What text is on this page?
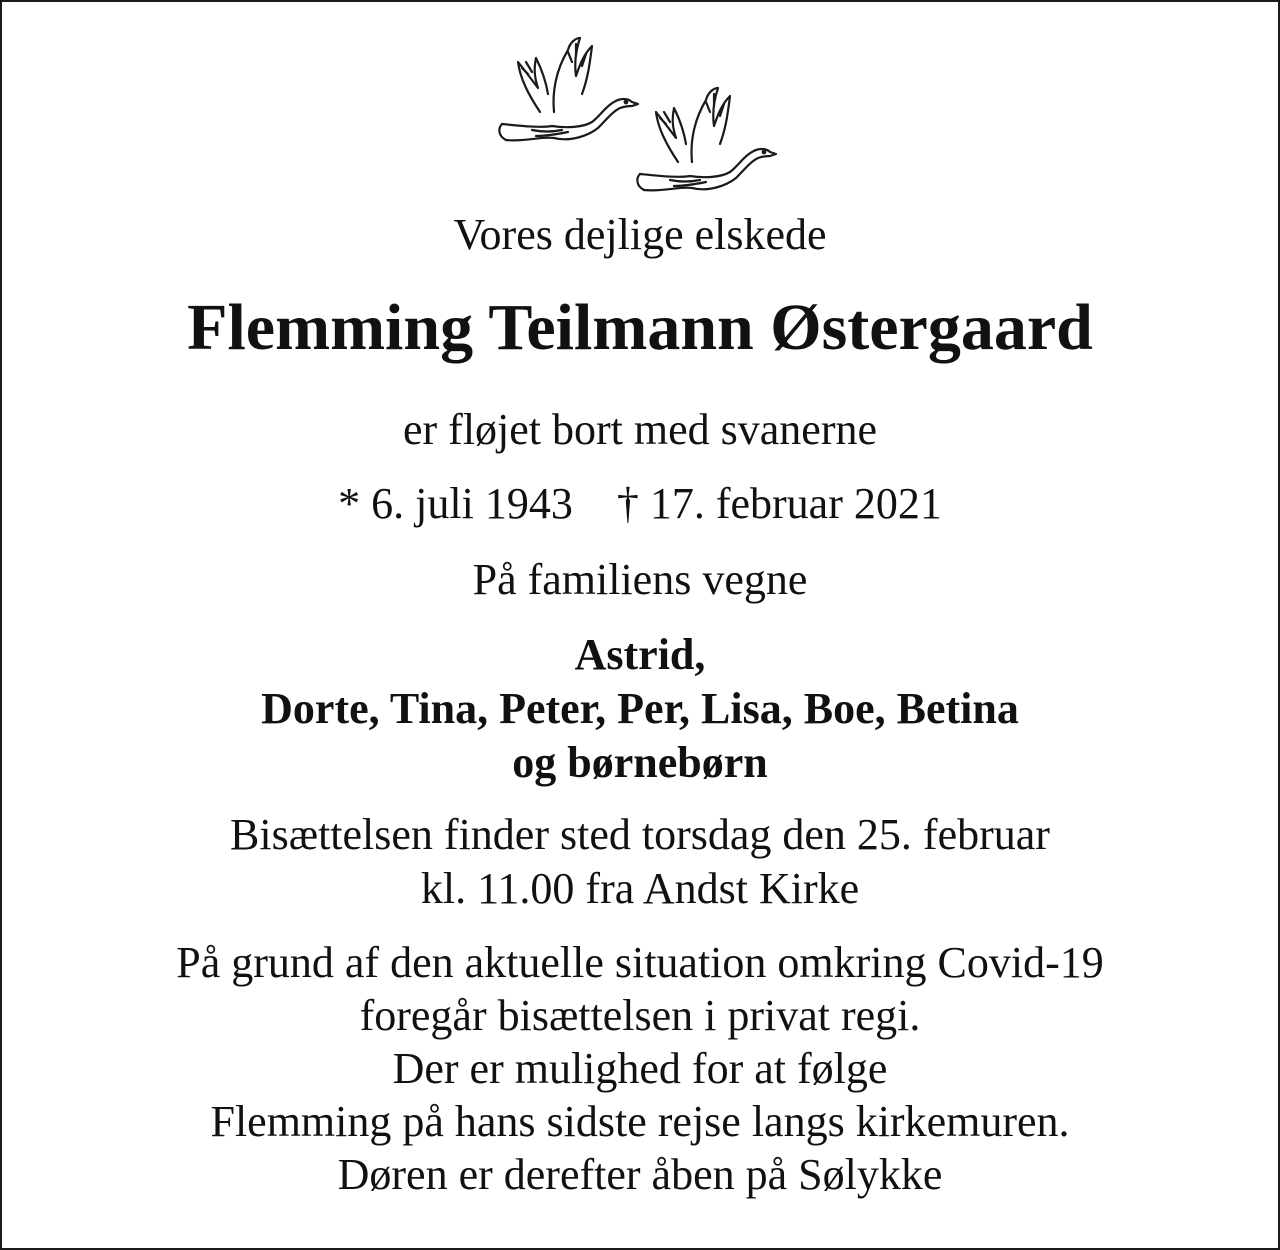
Vores dejlige elskede
Flemming Teilmann Østergaard
er fløjet bort med svanerne
* 6. juli 1943 † 17. februar 2021
På familiens vegne
Astrid,
Dorte, Tina, Peter, Per, Lisa, Boe, Betina
og børnebørn
Bisættelsen finder sted torsdag den 25. februar
kl. 11.00 fra Andst Kirke
På grund af den aktuelle situation omkring Covid-19
foregår bisættelsen i privat regi.
Der er mulighed for at følge
Flemming på hans sidste rejse langs kirkemuren.
Døren er derefter åben på Sølykke
